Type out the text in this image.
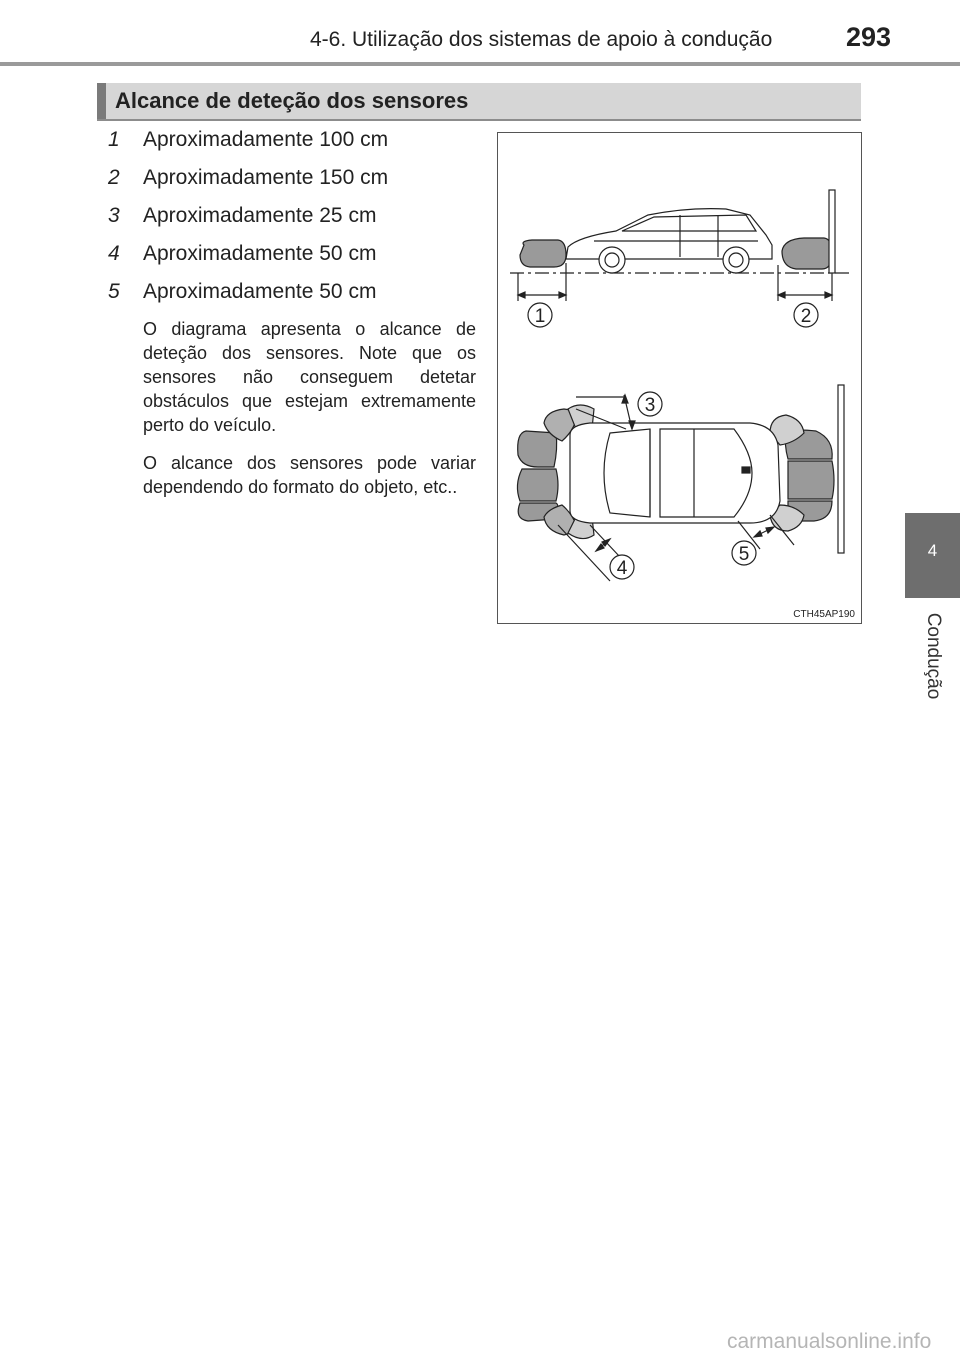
4-6. Utilização dos sistemas de apoio à condução	293
4
Condução
Alcance de deteção dos sensores
1 Aproximadamente 100 cm
2 Aproximadamente 150 cm
3 Aproximadamente 25 cm
4 Aproximadamente 50 cm
5 Aproximadamente 50 cm

O diagrama apresenta o alcance de deteção dos sensores. Note que os sensores não conseguem detetar obstáculos que estejam extremamente perto do veículo.

O alcance dos sensores pode variar dependendo do formato do objeto, etc..

1	2
3
4
5
CTH45AP190
carmanualsonline.info
